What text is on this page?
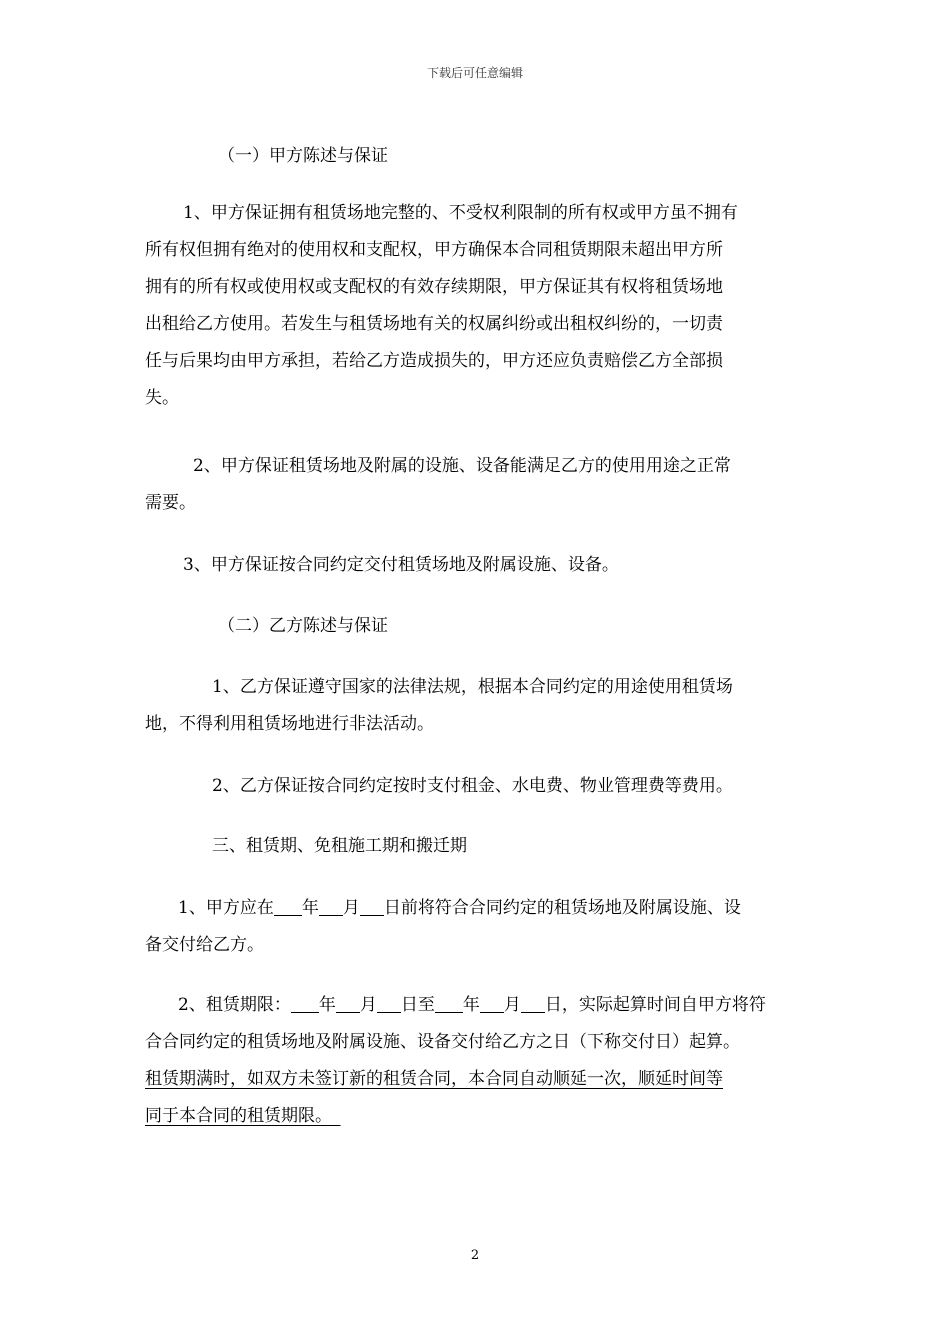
下载后可任意编辑
（一）甲方陈述与保证
1、甲方保证拥有租赁场地完整的、不受权利限制的所有权或甲方虽不拥有
所有权但拥有绝对的使用权和支配权，甲方确保本合同租赁期限未超出甲方所
拥有的所有权或使用权或支配权的有效存续期限，甲方保证其有权将租赁场地
出租给乙方使用。若发生与租赁场地有关的权属纠纷或出租权纠纷的，一切责
任与后果均由甲方承担，若给乙方造成损失的，甲方还应负责赔偿乙方全部损
失。
2、甲方保证租赁场地及附属的设施、设备能满足乙方的使用用途之正常
需要。
3、甲方保证按合同约定交付租赁场地及附属设施、设备。
（二）乙方陈述与保证
1、乙方保证遵守国家的法律法规，根据本合同约定的用途使用租赁场
地，不得利用租赁场地进行非法活动。
2、乙方保证按合同约定按时支付租金、水电费、物业管理费等费用。
三、租赁期、免租施工期和搬迁期
1、甲方应在 年 月 日前将符合合同约定的租赁场地及附属设施、设
备交付给乙方。
2、租赁期限： 年 月 日至 年 月 日，实际起算时间自甲方将符
合合同约定的租赁场地及附属设施、设备交付给乙方之日（下称交付日）起算。
租赁期满时，如双方未签订新的租赁合同，本合同自动顺延一次，顺延时间等
同于本合同的租赁期限。 
2
